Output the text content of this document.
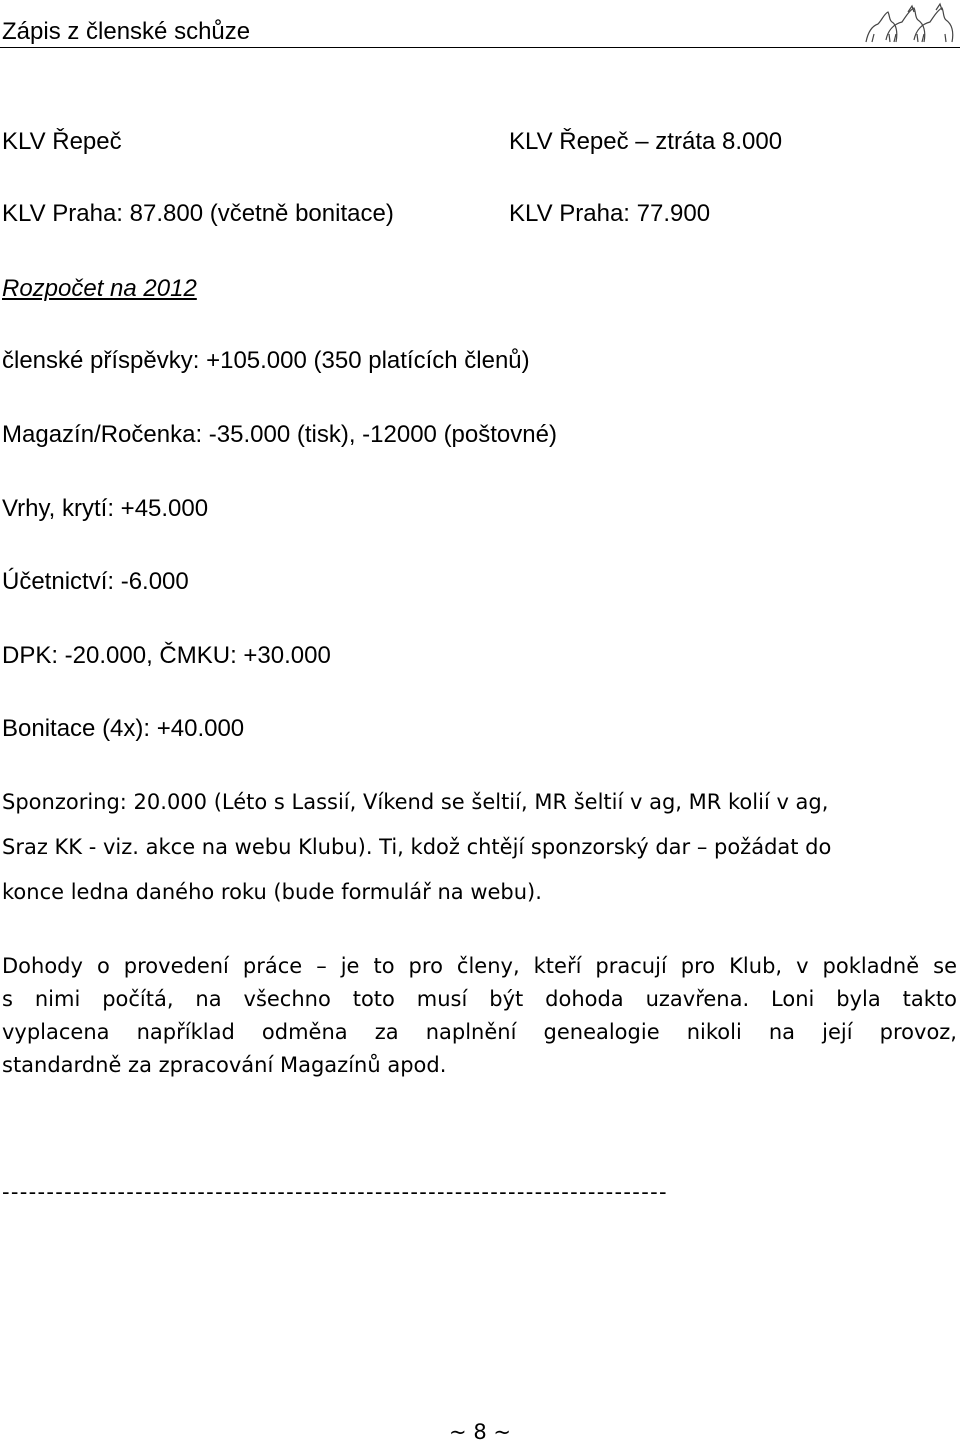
Zápis z členské schůze
KLV Řepeč	KLV Řepeč – ztráta 8.000
KLV Praha: 87.800 (včetně bonitace)	KLV Praha: 77.900
Rozpočet na 2012
členské příspěvky: +105.000 (350 platících členů)
Magazín/Ročenka: -35.000 (tisk), -12000 (poštovné)
Vrhy, krytí: +45.000
Účetnictví: -6.000
DPK: -20.000, ČMKU: +30.000
Bonitace (4x): +40.000
Sponzoring: 20.000 (Léto s Lassií, Víkend se šeltií, MR šeltií v ag, MR kolií v ag,
Sraz KK - viz. akce na webu Klubu). Ti, kdož chtějí sponzorský dar – požádat do
konce ledna daného roku (bude formulář na webu).
Dohody o provedení práce – je to pro členy, kteří pracují pro Klub, v pokladně se
s nimi počítá, na všechno toto musí být dohoda uzavřena. Loni byla takto
vyplacena například odměna za naplnění genealogie nikoli na její provoz,
standardně za zpracování Magazínů apod.
---------------------------------------------------------------------------
~ 8 ~
